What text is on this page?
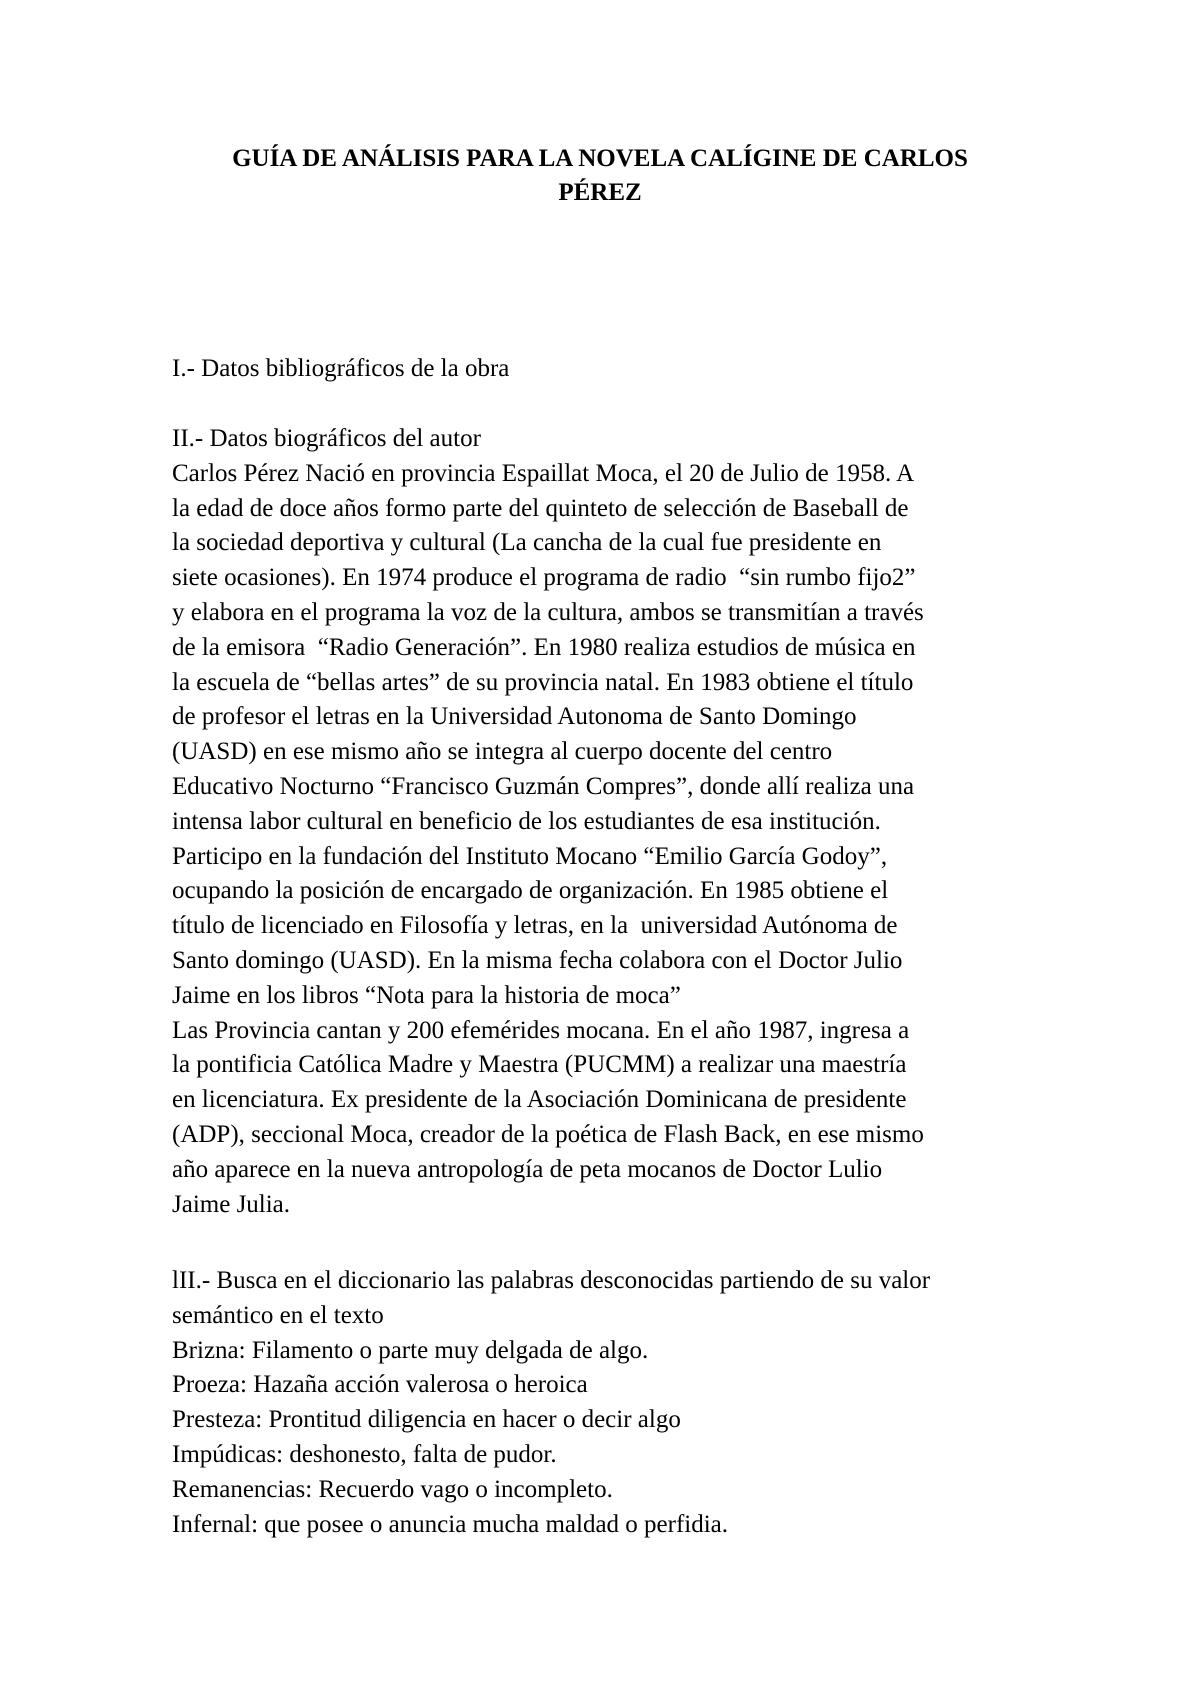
GUÍA DE ANÁLISIS PARA LA NOVELA CALÍGINE DE CARLOS
PÉREZ
I.- Datos bibliográficos de la obra
II.- Datos biográficos del autor
Carlos Pérez Nació en provincia Espaillat Moca, el 20 de Julio de 1958. A
la edad de doce años formo parte del quinteto de selección de Baseball de
la sociedad deportiva y cultural (La cancha de la cual fue presidente en
siete ocasiones). En 1974 produce el programa de radio  “sin rumbo fijo2”
y elabora en el programa la voz de la cultura, ambos se transmitían a través
de la emisora  “Radio Generación”. En 1980 realiza estudios de música en
la escuela de “bellas artes” de su provincia natal. En 1983 obtiene el título
de profesor el letras en la Universidad Autonoma de Santo Domingo
(UASD) en ese mismo año se integra al cuerpo docente del centro
Educativo Nocturno “Francisco Guzmán Compres”, donde allí realiza una
intensa labor cultural en beneficio de los estudiantes de esa institución.
Participo en la fundación del Instituto Mocano “Emilio García Godoy”,
ocupando la posición de encargado de organización. En 1985 obtiene el
título de licenciado en Filosofía y letras, en la  universidad Autónoma de
Santo domingo (UASD). En la misma fecha colabora con el Doctor Julio
Jaime en los libros “Nota para la historia de moca”
Las Provincia cantan y 200 efemérides mocana. En el año 1987, ingresa a
la pontificia Católica Madre y Maestra (PUCMM) a realizar una maestría
en licenciatura. Ex presidente de la Asociación Dominicana de presidente
(ADP), seccional Moca, creador de la poética de Flash Back, en ese mismo
año aparece en la nueva antropología de peta mocanos de Doctor Lulio
Jaime Julia.
lII.- Busca en el diccionario las palabras desconocidas partiendo de su valor
semántico en el texto
Brizna: Filamento o parte muy delgada de algo.
Proeza: Hazaña acción valerosa o heroica
Presteza: Prontitud diligencia en hacer o decir algo
Impúdicas: deshonesto, falta de pudor.
Remanencias: Recuerdo vago o incompleto.
Infernal: que posee o anuncia mucha maldad o perfidia.
